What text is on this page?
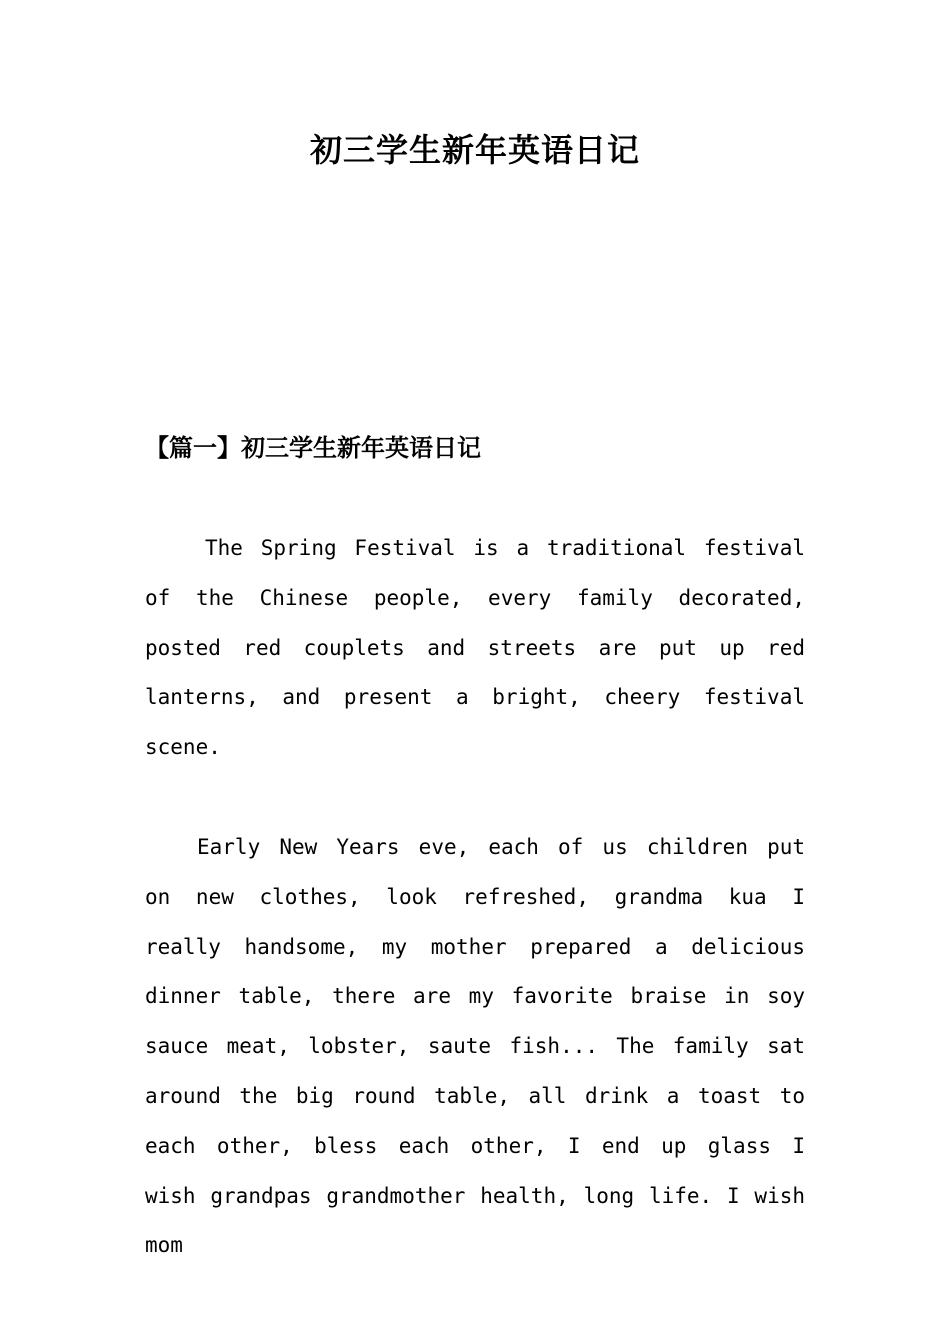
初三学生新年英语日记
【篇一】初三学生新年英语日记

The Spring Festival is a traditional festival of the Chinese people, every family decorated, posted red couplets and streets are put up red lanterns, and present a bright, cheery festival scene.

Early New Years eve, each of us children put on new clothes, look refreshed, grandma kua I really handsome, my mother prepared a delicious dinner table, there are my favorite braise in soy sauce meat, lobster, saute fish... The family sat around the big round table, all drink a toast to each other, bless each other, I end up glass I wish grandpas grandmother health, long life. I wish mom
